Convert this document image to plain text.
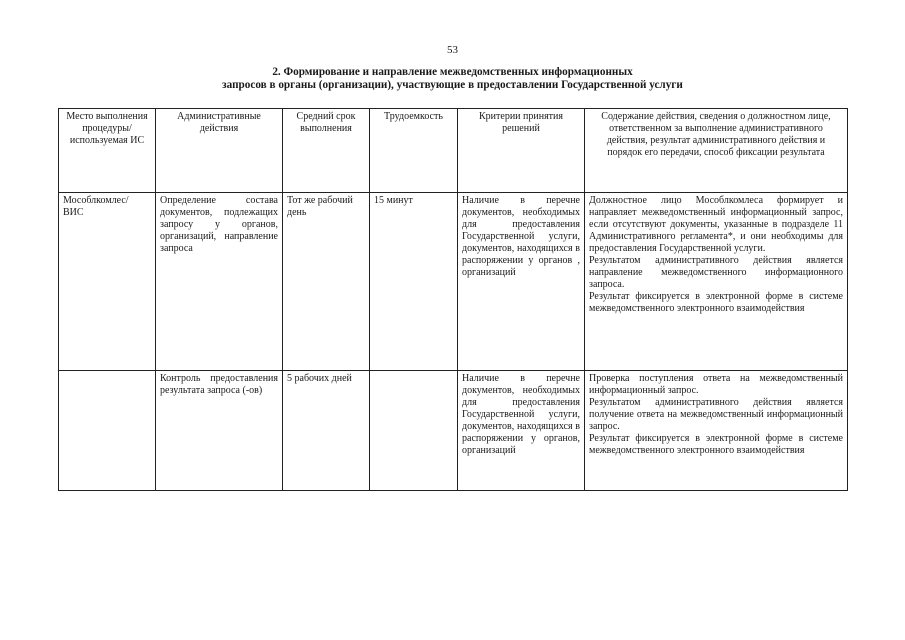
53
2. Формирование и направление межведомственных информационных
запросов в органы (организации), участвующие в предоставлении Государственной услуги
Место выполнения процедуры/ используемая ИС	Административные действия	Средний срок выполнения	Трудоемкость	Критерии принятия решений	Содержание действия, сведения о должностном лице, ответственном за выполнение административного действия, результат административного действия и порядок его передачи, способ фиксации результата
Мособлкомлес/ ВИС	Определение состава документов, подлежащих запросу у органов, организаций, направление запроса	Тот же рабочий день	15 минут	Наличие в перечне документов, необходимых для предоставления Государственной услуги, документов, находящихся в распоряжении у органов , организаций	Должностное лицо Мособлкомлеса формирует и направляет межведомственный информационный запрос, если отсутствуют документы, указанные в подразделе 11 Административного регламента*, и они необходимы для предоставления Государственной услуги.

Результатом административного действия является направление межведомственного информационного запроса.

Результат фиксируется в электронной форме в системе межведомственного электронного взаимодействия

	Контроль предоставления результата запроса (-ов)	5 рабочих дней		Наличие в перечне документов, необходимых для предоставления Государственной услуги, документов, находящихся в распоряжении у органов, организаций	Проверка поступления ответа на межведомственный информационный запрос.

Результатом административного действия является получение ответа на межведомственный информационный запрос.

Результат фиксируется в электронной форме в системе межведомственного электронного взаимодействия
